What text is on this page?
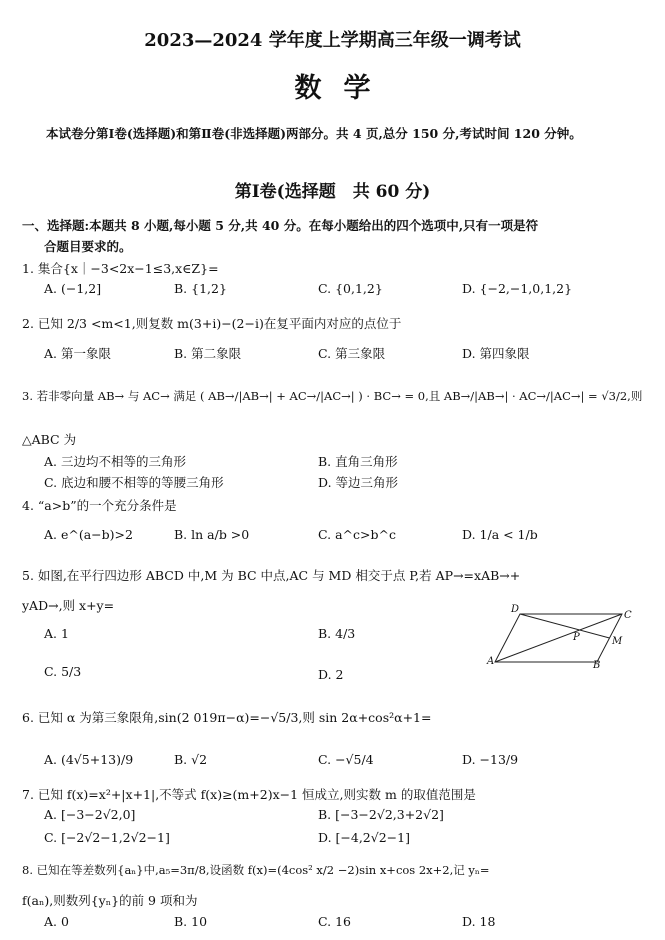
2023—2024 学年度上学期高三年级一调考试
数学
本试卷分第Ⅰ卷(选择题)和第Ⅱ卷(非选择题)两部分。共 4 页,总分 150 分,考试时间 120 分钟。
第Ⅰ卷(选择题　共 60 分)
一、选择题:本题共 8 小题,每小题 5 分,共 40 分。在每小题给出的四个选项中,只有一项是符
合题目要求的。
1. 集合{x｜−3<2x−1≤3,x∈Z}=
A. (−1,2]	B. {1,2}	C. {0,1,2}	D. {−2,−1,0,1,2}
2. 已知 2/3 <m<1,则复数 m(3+i)−(2−i)在复平面内对应的点位于
A. 第一象限	B. 第二象限	C. 第三象限	D. 第四象限
3. 若非零向量 AB→ 与 AC→ 满足 ( AB→/|AB→| + AC→/|AC→| ) · BC→ = 0,且 AB→/|AB→| · AC→/|AC→| = √3/2,则
△ABC 为
A. 三边均不相等的三角形	B. 直角三角形
C. 底边和腰不相等的等腰三角形	D. 等边三角形
4. “a>b”的一个充分条件是
A. e^(a−b)>2	B. ln a/b >0	C. a^c>b^c	D. 1/a < 1/b
5. 如图,在平行四边形 ABCD 中,M 为 BC 中点,AC 与 MD 相交于点 P,若 AP→=xAB→+
yAD→,则 x+y=
A. 1	B. 4/3
C. 5/3	D. 2
D
C
P	M
A	B
6. 已知 α 为第三象限角,sin(2 019π−α)=−√5/3,则 sin 2α+cos²α+1=
A. (4√5+13)/9	B. √2	C. −√5/4	D. −13/9
7. 已知 f(x)=x²+|x+1|,不等式 f(x)≥(m+2)x−1 恒成立,则实数 m 的取值范围是
A. [−3−2√2,0]	B. [−3−2√2,3+2√2]
C. [−2√2−1,2√2−1]	D. [−4,2√2−1]
8. 已知在等差数列{aₙ}中,a₅=3π/8,设函数 f(x)=(4cos² x/2 −2)sin x+cos 2x+2,记 yₙ=
f(aₙ),则数列{yₙ}的前 9 项和为
A. 0	B. 10	C. 16	D. 18
